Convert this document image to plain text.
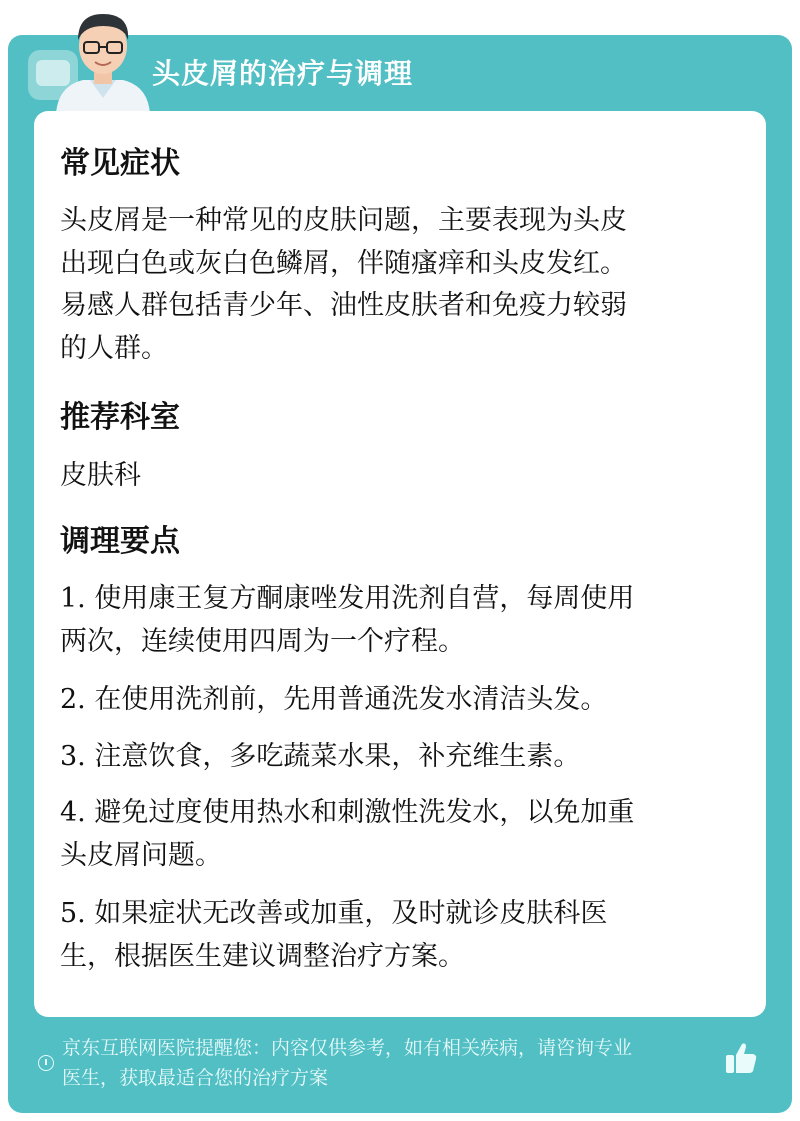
头皮屑的治疗与调理
常见症状
头皮屑是一种常见的皮肤问题，主要表现为头皮
出现白色或灰白色鳞屑，伴随瘙痒和头皮发红。
易感人群包括青少年、油性皮肤者和免疫力较弱
的人群。
推荐科室
皮肤科
调理要点
1. 使用康王复方酮康唑发用洗剂自营，每周使用
两次，连续使用四周为一个疗程。
2. 在使用洗剂前，先用普通洗发水清洁头发。
3. 注意饮食，多吃蔬菜水果，补充维生素。
4. 避免过度使用热水和刺激性洗发水，以免加重
头皮屑问题。
5. 如果症状无改善或加重，及时就诊皮肤科医
生，根据医生建议调整治疗方案。
京东互联网医院提醒您：内容仅供参考，如有相关疾病，请咨询专业
医生，获取最适合您的治疗方案
